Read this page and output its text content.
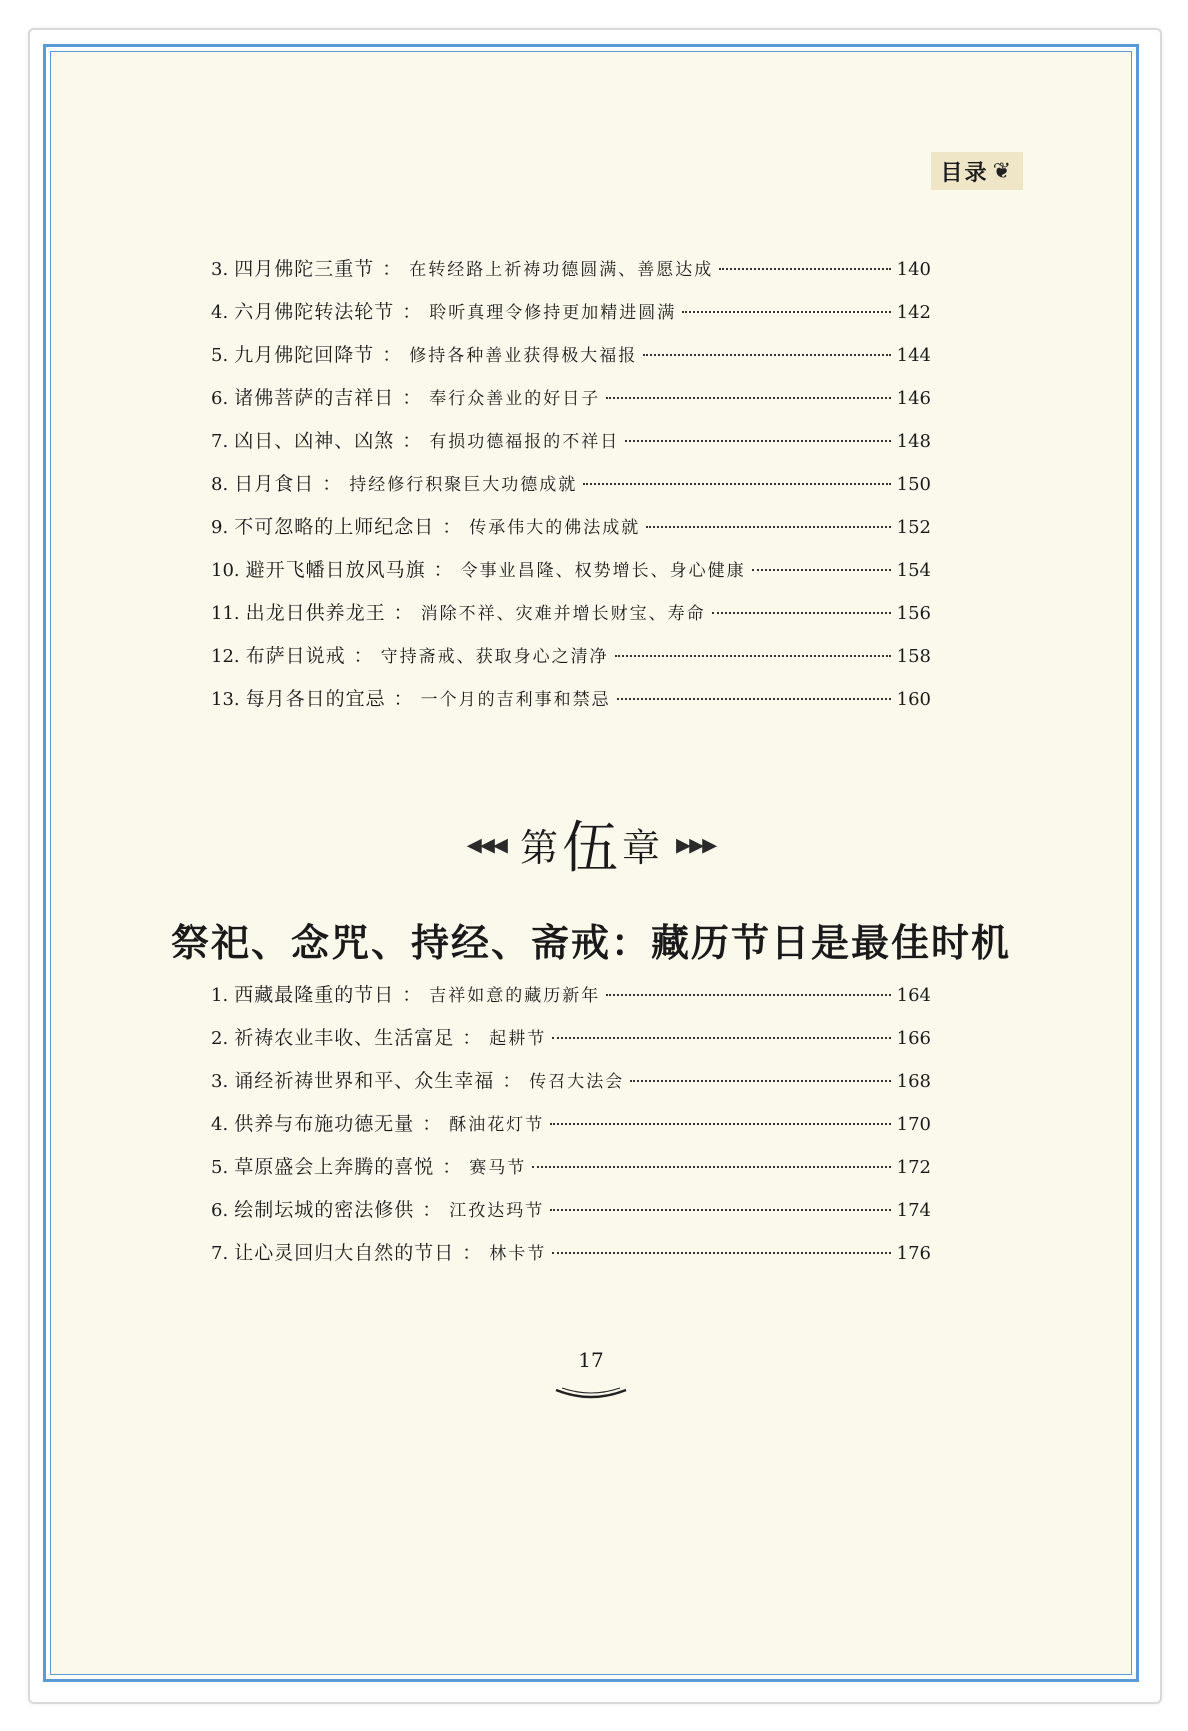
目录 ❦
3. 四月佛陀三重节 ： 在转经路上祈祷功德圆满、善愿达成	140
4. 六月佛陀转法轮节 ： 聆听真理令修持更加精进圆满	142
5. 九月佛陀回降节 ： 修持各种善业获得极大福报	144
6. 诸佛菩萨的吉祥日 ： 奉行众善业的好日子	146
7. 凶日、凶神、凶煞 ： 有损功德福报的不祥日	148
8. 日月食日 ： 持经修行积聚巨大功德成就	150
9. 不可忽略的上师纪念日 ： 传承伟大的佛法成就	152
10. 避开飞幡日放风马旗 ： 令事业昌隆、权势增长、身心健康	154
11. 出龙日供养龙王 ： 消除不祥、灾难并增长财宝、寿命	156
12. 布萨日说戒 ： 守持斋戒、获取身心之清净	158
13. 每月各日的宜忌 ： 一个月的吉利事和禁忌	160
◂◂◂ 第伍章 ▸▸▸
祭祀、念咒、持经、斋戒：藏历节日是最佳时机
1. 西藏最隆重的节日 ： 吉祥如意的藏历新年	164
2. 祈祷农业丰收、生活富足 ： 起耕节	166
3. 诵经祈祷世界和平、众生幸福 ： 传召大法会	168
4. 供养与布施功德无量 ： 酥油花灯节	170
5. 草原盛会上奔腾的喜悦 ： 赛马节	172
6. 绘制坛城的密法修供 ： 江孜达玛节	174
7. 让心灵回归大自然的节日 ： 林卡节	176
17
